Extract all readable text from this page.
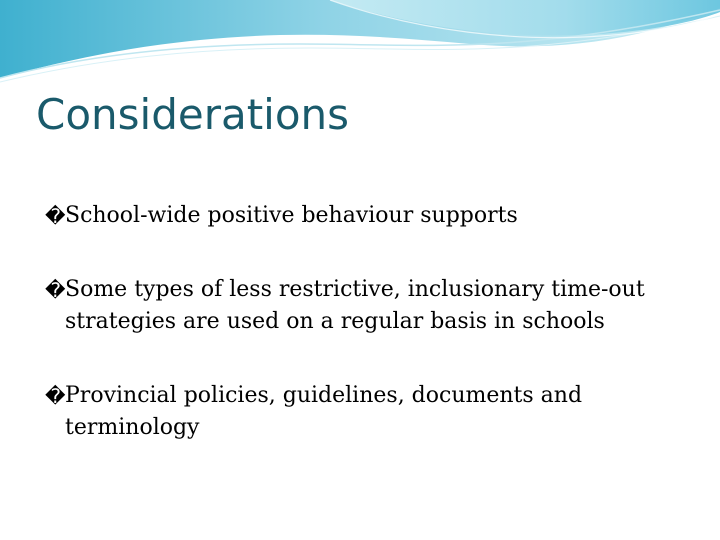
Considerations
� School-wide positive behaviour supports
� Some types of less restrictive, inclusionary time-out strategies are used on a regular basis in schools
� Provincial policies, guidelines, documents and terminology
